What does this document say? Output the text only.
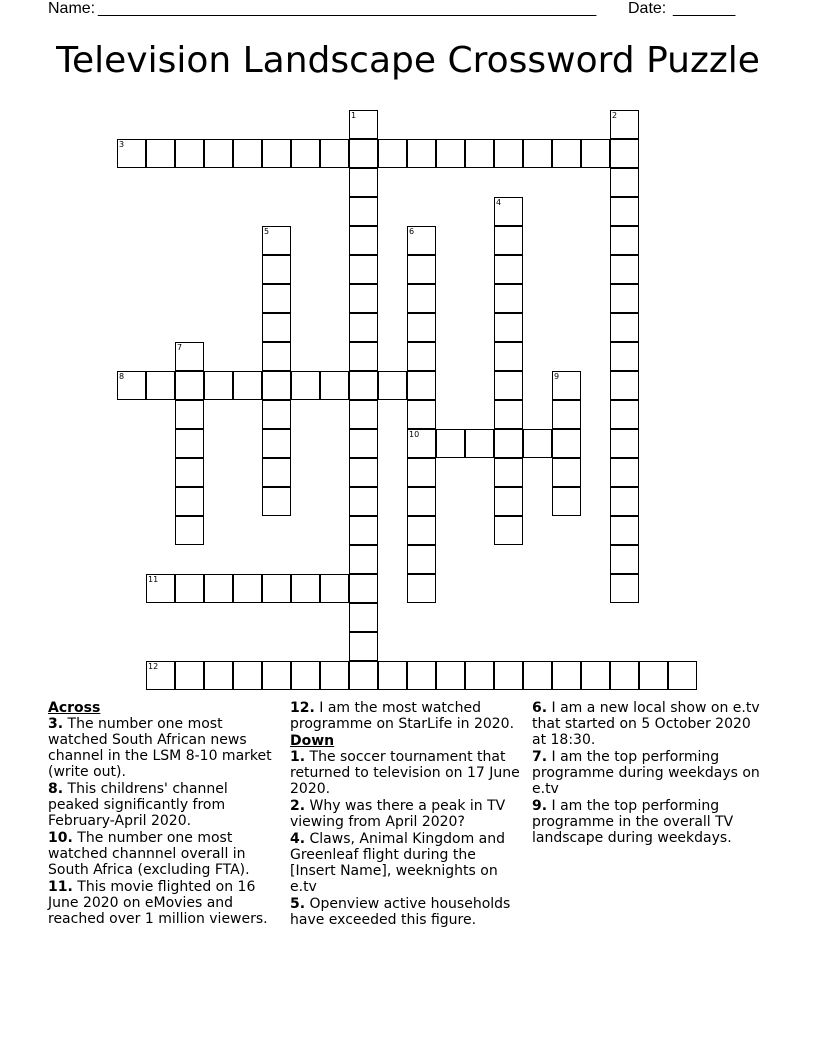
Name: ________________________________________________________ Date: _______
Television Landscape Crossword Puzzle
3
8
10
11
12
1	2
4
5	6
7
9
Across
3. The number one most watched South African news channel in the LSM 8-10 market (write out).
8. This childrens' channel peaked significantly from February-April 2020.
10. The number one most watched channnel overall in South Africa (excluding FTA).
11. This movie flighted on 16 June 2020 on eMovies and reached over 1 million viewers.
12. I am the most watched programme on StarLife in 2020.
Down
1. The soccer tournament that returned to television on 17 June 2020.
2. Why was there a peak in TV viewing from April 2020?
4. Claws, Animal Kingdom and Greenleaf flight during the [Insert Name], weeknights on e.tv
5. Openview active households have exceeded this figure.
6. I am a new local show on e.tv that started on 5 October 2020 at 18:30.
7. I am the top performing programme during weekdays on e.tv
9. I am the top performing programme in the overall TV landscape during weekdays.
